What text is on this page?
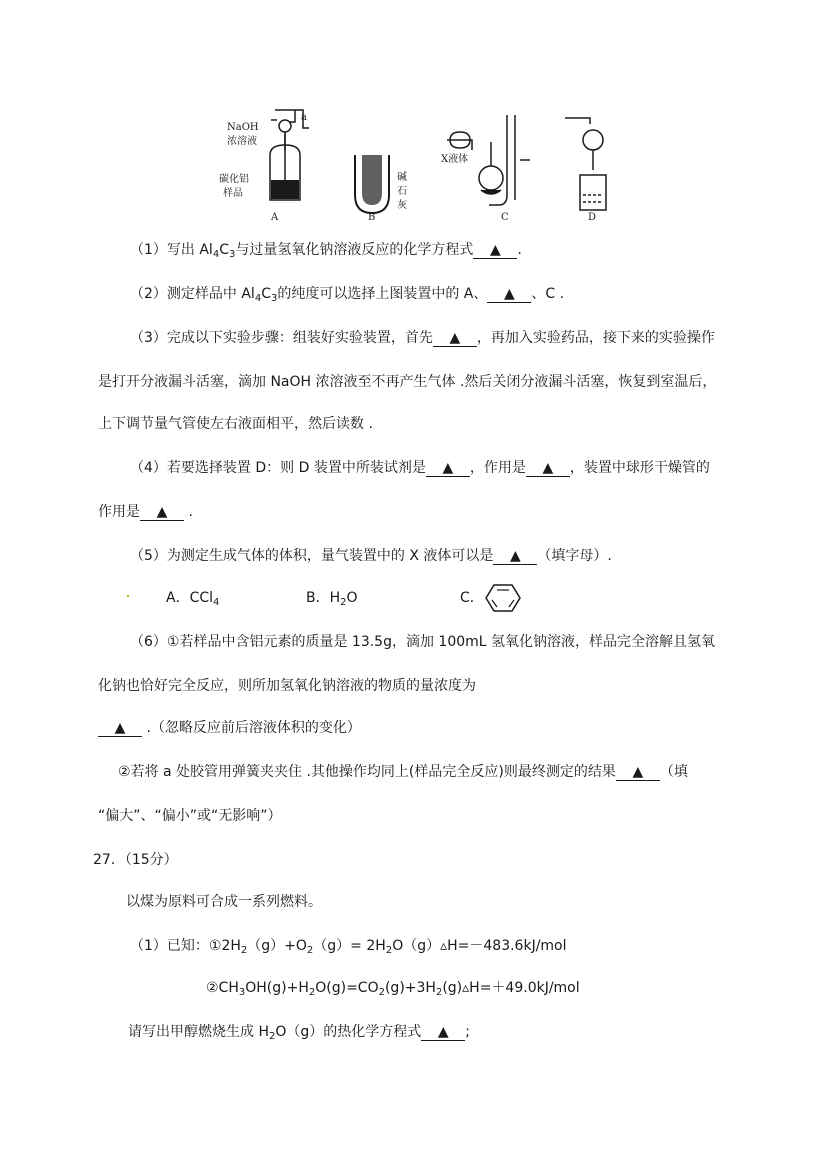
NaOH
浓溶液
a
碳化铝
样品
碱
石
灰
X液体
A	B	C	D
（1）写出 $Al_4C_3$与过量氢氧化钠溶液反应的化学方程式 ▲ .
（2）测定样品中 $Al_4C_3$的纯度可以选择上图装置中的 A、 ▲ 、C .
（3）完成以下实验步骤：组装好实验装置，首先 ▲ ，再加入实验药品，接下来的实验操作
是打开分液漏斗活塞，滴加 NaOH 浓溶液至不再产生气体 .然后关闭分液漏斗活塞，恢复到室温后，
上下调节量气管使左右液面相平，然后读数 .
（4）若要选择装置 D：则 D 装置中所装试剂是 ▲ ，作用是 ▲ ，装置中球形干燥管的
作用是 ▲ .
（5）为测定生成气体的体积，量气装置中的 X 液体可以是 ▲ （填字母）.
A．CCl$_4$	B．$H_2O$	C．
（6）①若样品中含铝元素的质量是 13.5g，滴加 100mL 氢氧化钠溶液，样品完全溶解且氢氧
化钠也恰好完全反应，则所加氢氧化钠溶液的物质的量浓度为
▲ .（忽略反应前后溶液体积的变化）
②若将 a 处胶管用弹簧夹夹住 .其他操作均同上(样品完全反应)则最终测定的结果 ▲ （填
“偏大”、“偏小”或“无影响”）
27．（15分）
以煤为原料可合成一系列燃料。
（1）已知：$①2H_2(g)+O_2(g)=$ $2H_2O(g)▵H=-483.6kJ$/mol
$②CH_3OH(g)+H_2O(g)=CO_2(g)+3H_2(g)▵H=+49.0kJ$/mol
请写出甲醇燃烧生成 $H_2O(g)$的热化学方程式 ▲ ;
